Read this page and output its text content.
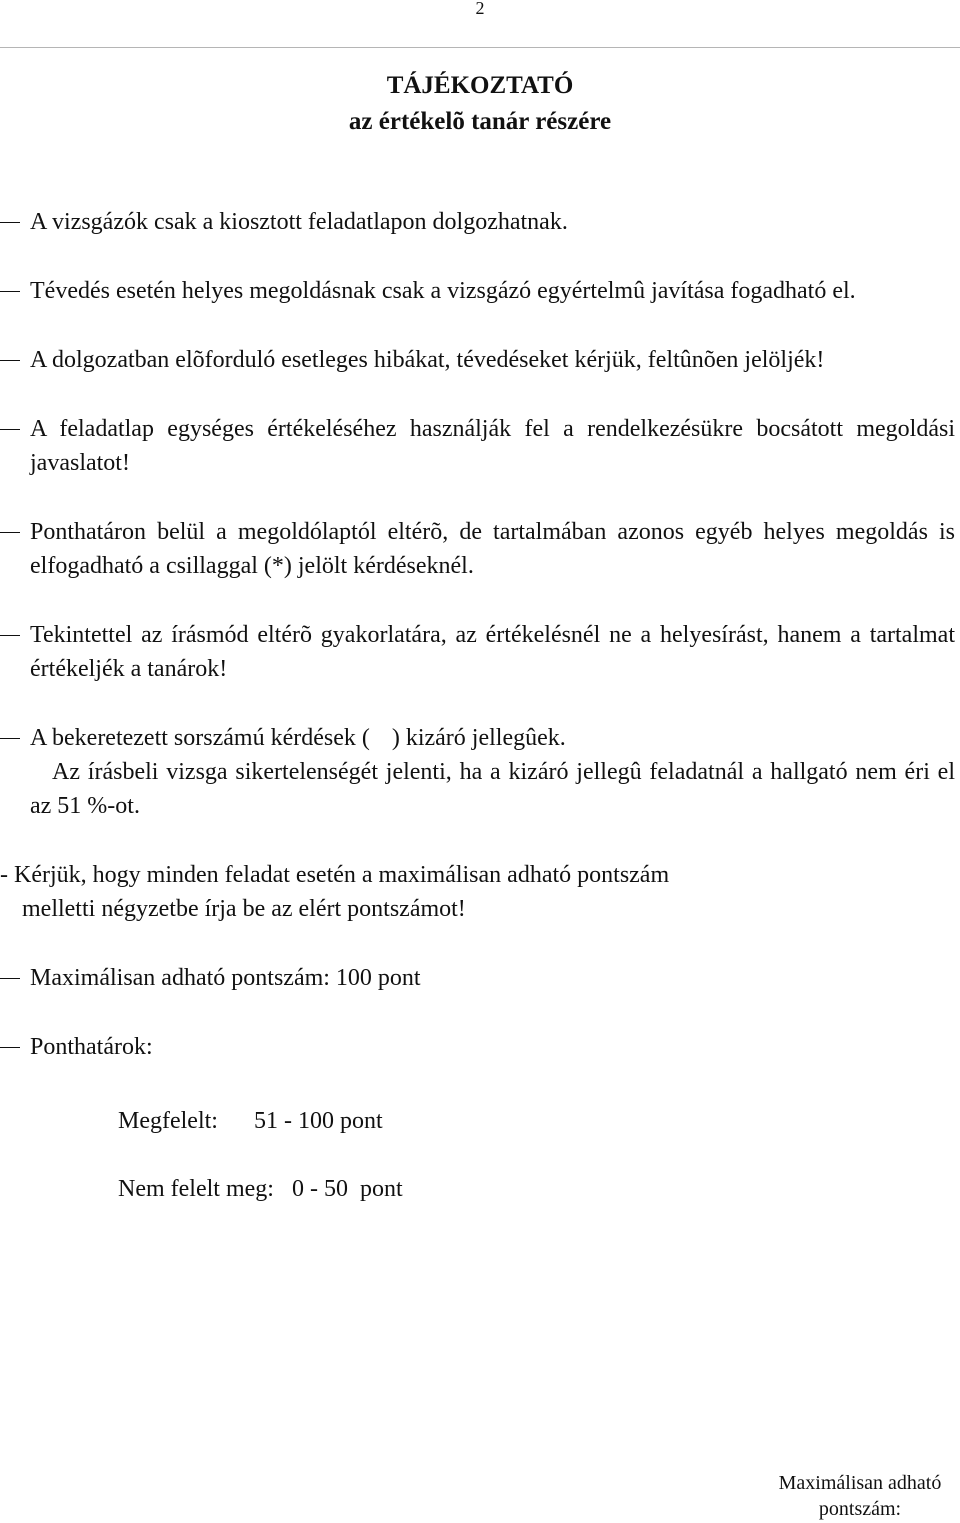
2
TÁJÉKOZTATÓ
az értékelõ tanár részére
A vizsgázók csak a kiosztott feladatlapon dolgozhatnak.
Tévedés esetén helyes megoldásnak csak a vizsgázó egyértelmû javítása fogadható el.
A dolgozatban elõforduló esetleges hibákat, tévedéseket kérjük, feltûnõen jelöljék!
A feladatlap egységes értékeléséhez használják fel a rendelkezésükre bocsátott megoldási javaslatot!
Ponthatáron belül a megoldólaptól eltérõ, de tartalmában azonos egyéb helyes megoldás is elfogadható a csillaggal (*) jelölt kérdéseknél.
Tekintettel az írásmód eltérõ gyakorlatára, az értékelésnél ne a helyesírást, hanem a tartalmat értékeljék a tanárok!
A bekeretezett sorszámú kérdések ( ) kizáró jellegûek.
Az írásbeli vizsga sikertelenségét jelenti, ha a kizáró jellegû feladatnál a hallgató nem éri el az 51 %-ot.
- Kérjük, hogy minden feladat esetén a maximálisan adható pontszám
melletti négyzetbe írja be az elért pontszámot!
Maximálisan adható pontszám: 100 pont
Ponthatárok:
Megfelelt: 51 - 100 pont
Nem felelt meg: 0 - 50  pont
Maximálisan adható
pontszám:
